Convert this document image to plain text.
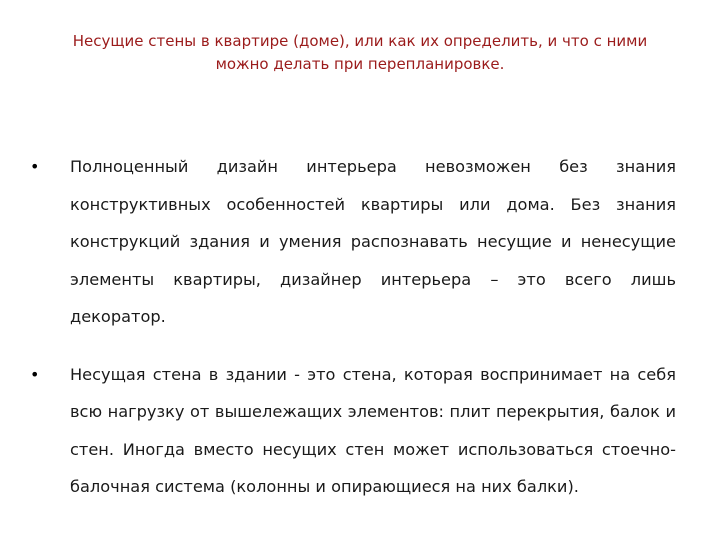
Несущие стены в квартире (доме), или как их определить, и что с ними можно делать при перепланировке.
•	Полноценный дизайн интерьера невозможен без знания конструктивных особенностей квартиры или дома. Без знания конструкций здания и умения распознавать несущие и ненесущие элементы квартиры, дизайнер интерьера – это всего лишь декоратор.
•	Несущая стена в здании - это стена, которая воспринимает на себя всю нагрузку от вышележащих элементов: плит перекрытия, балок и стен. Иногда вместо несущих стен может использоваться стоечно-балочная система (колонны и опирающиеся на них балки).
